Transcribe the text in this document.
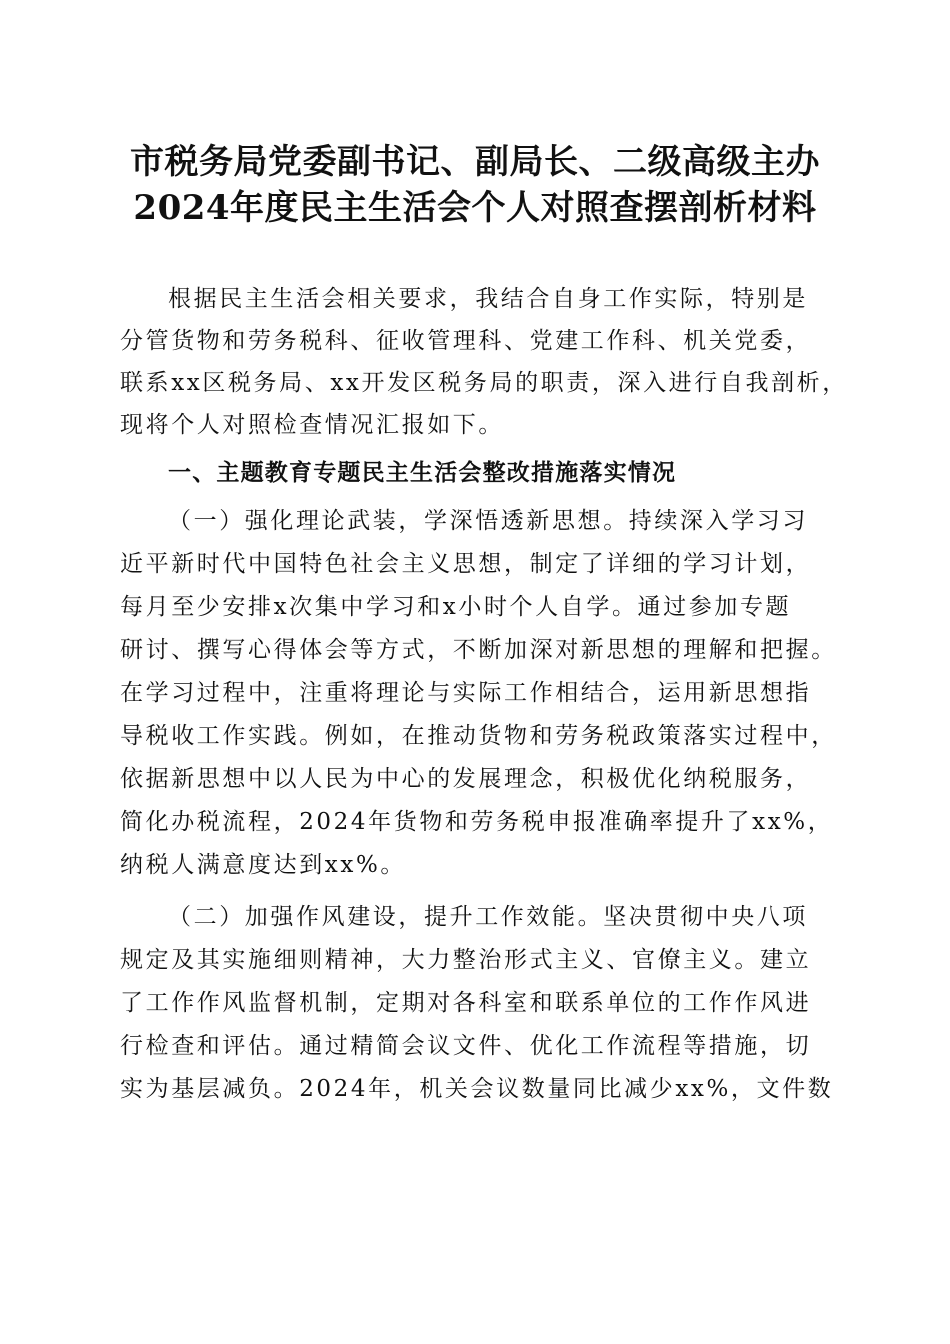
市税务局党委副书记、副局长、二级高级主办
2024年度民主生活会个人对照查摆剖析材料
根据民主生活会相关要求，我结合自身工作实际，特别是
分管货物和劳务税科、征收管理科、党建工作科、机关党委，
联系xx区税务局、xx开发区税务局的职责，深入进行自我剖析，
现将个人对照检查情况汇报如下。
一、主题教育专题民主生活会整改措施落实情况
（一）强化理论武装，学深悟透新思想。持续深入学习习
近平新时代中国特色社会主义思想，制定了详细的学习计划，
每月至少安排x次集中学习和x小时个人自学。通过参加专题
研讨、撰写心得体会等方式，不断加深对新思想的理解和把握。
在学习过程中，注重将理论与实际工作相结合，运用新思想指
导税收工作实践。例如，在推动货物和劳务税政策落实过程中，
依据新思想中以人民为中心的发展理念，积极优化纳税服务，
简化办税流程，2024年货物和劳务税申报准确率提升了xx%，
纳税人满意度达到xx%。
（二）加强作风建设，提升工作效能。坚决贯彻中央八项
规定及其实施细则精神，大力整治形式主义、官僚主义。建立
了工作作风监督机制，定期对各科室和联系单位的工作作风进
行检查和评估。通过精简会议文件、优化工作流程等措施，切
实为基层减负。2024年，机关会议数量同比减少xx%，文件数
